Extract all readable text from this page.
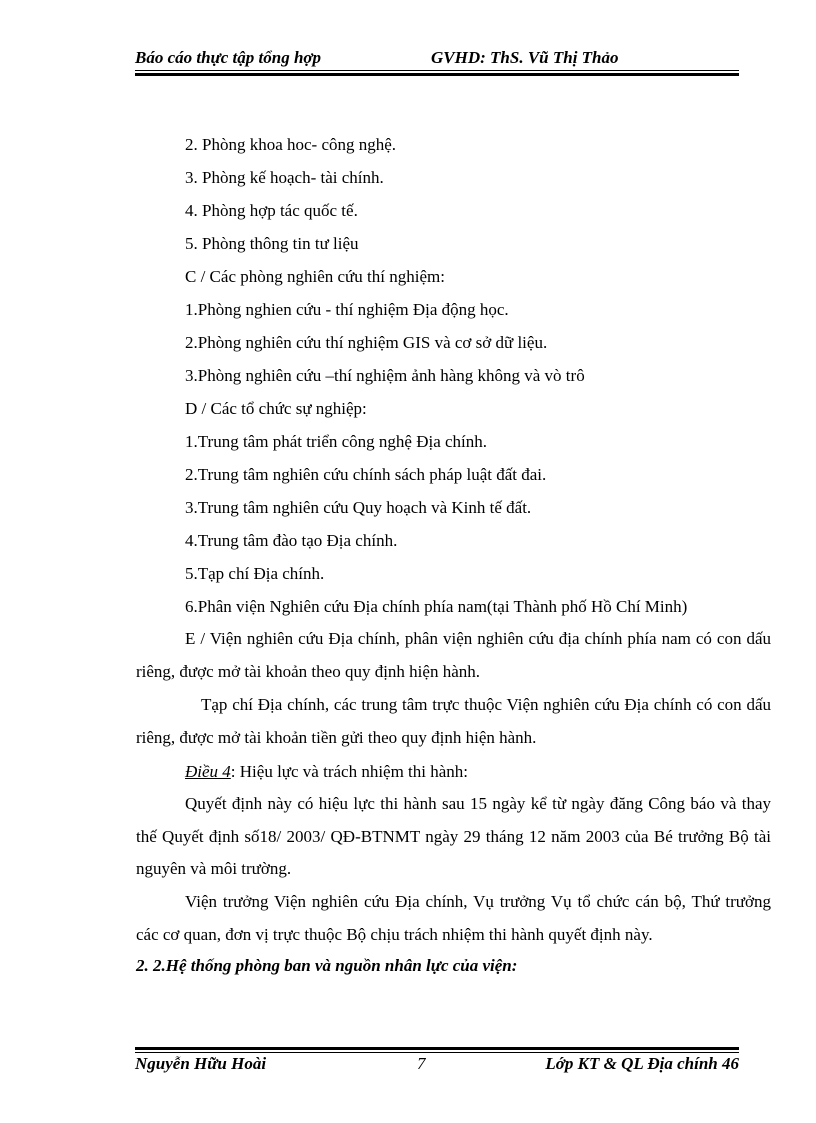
Báo cáo thực tập tổng hợp	GVHD: ThS. Vũ Thị Thảo
2. Phòng khoa hoc- công nghệ.
3. Phòng kế hoạch- tài chính.
4. Phòng hợp tác quốc tế.
5. Phòng thông tin tư liệu
C / Các phòng nghiên cứu thí nghiệm:
1.Phòng nghien cứu - thí nghiệm Địa động học.
2.Phòng nghiên cứu thí nghiệm GIS và cơ sở dữ liệu.
3.Phòng nghiên cứu –thí nghiệm ảnh hàng không và vò trô
D / Các tổ chức sự nghiệp:
1.Trung tâm phát triển công nghệ Địa chính.
2.Trung tâm nghiên cứu chính sách pháp luật đất đai.
3.Trung tâm nghiên cứu Quy hoạch và Kinh tế đất.
4.Trung tâm đào tạo Địa chính.
5.Tạp chí Địa chính.
6.Phân viện Nghiên cứu Địa chính phía nam(tại Thành phố Hồ Chí Minh)
E / Viện nghiên cứu Địa chính, phân viện nghiên cứu địa chính phía nam có con dấu riêng, được mở tài khoản theo quy định hiện hành.
Tạp chí Địa chính, các trung tâm trực thuộc Viện nghiên cứu Địa chính có con dấu riêng, được mở tài khoản tiền gửi theo quy định hiện hành.
Điều 4: Hiệu lực và trách nhiệm thi hành:
Quyết định này có hiệu lực thi hành sau 15 ngày kể từ ngày đăng Công báo và thay thế Quyết định số18/ 2003/ QĐ-BTNMT ngày 29 tháng 12 năm 2003 của Bé trưởng Bộ tài nguyên và môi trường.
Viện trưởng Viện nghiên cứu Địa chính, Vụ trưởng Vụ tổ chức cán bộ, Thứ trưởng các cơ quan, đơn vị trực thuộc Bộ chịu trách nhiệm thi hành quyết định này.
2. 2.Hệ thống phòng ban và nguồn nhân lực của viện:
Nguyễn Hữu Hoài	7	Lớp KT & QL Địa chính 46
